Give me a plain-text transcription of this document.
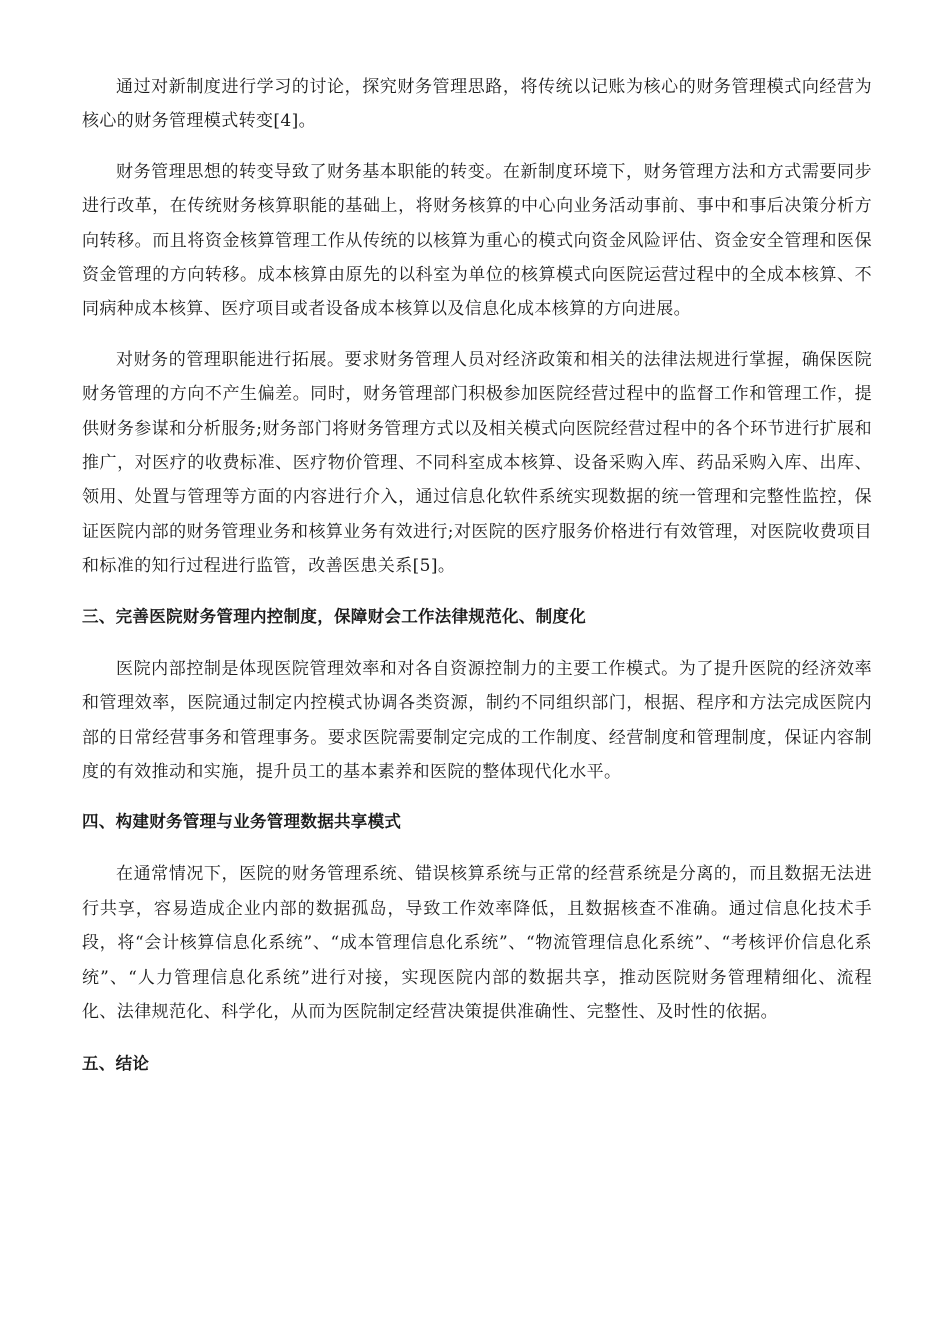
通过对新制度进行学习的讨论，探究财务管理思路，将传统以记账为核心的财务管理模式向经营为核心的财务管理模式转变[4]。

财务管理思想的转变导致了财务基本职能的转变。在新制度环境下，财务管理方法和方式需要同步进行改革，在传统财务核算职能的基础上，将财务核算的中心向业务活动事前、事中和事后决策分析方向转移。而且将资金核算管理工作从传统的以核算为重心的模式向资金风险评估、资金安全管理和医保资金管理的方向转移。成本核算由原先的以科室为单位的核算模式向医院运营过程中的全成本核算、不同病种成本核算、医疗项目或者设备成本核算以及信息化成本核算的方向进展。

对财务的管理职能进行拓展。要求财务管理人员对经济政策和相关的法律法规进行掌握，确保医院财务管理的方向不产生偏差。同时，财务管理部门积极参加医院经营过程中的监督工作和管理工作，提供财务参谋和分析服务;财务部门将财务管理方式以及相关模式向医院经营过程中的各个环节进行扩展和推广，对医疗的收费标准、医疗物价管理、不同科室成本核算、设备采购入库、药品采购入库、出库、领用、处置与管理等方面的内容进行介入，通过信息化软件系统实现数据的统一管理和完整性监控，保证医院内部的财务管理业务和核算业务有效进行;对医院的医疗服务价格进行有效管理，对医院收费项目和标准的知行过程进行监管，改善医患关系[5]。

三、完善医院财务管理内控制度，保障财会工作法律规范化、制度化

医院内部控制是体现医院管理效率和对各自资源控制力的主要工作模式。为了提升医院的经济效率和管理效率，医院通过制定内控模式协调各类资源，制约不同组织部门，根据、程序和方法完成医院内部的日常经营事务和管理事务。要求医院需要制定完成的工作制度、经营制度和管理制度，保证内容制度的有效推动和实施，提升员工的基本素养和医院的整体现代化水平。

四、构建财务管理与业务管理数据共享模式

在通常情况下，医院的财务管理系统、错误核算系统与正常的经营系统是分离的，而且数据无法进行共享，容易造成企业内部的数据孤岛，导致工作效率降低，且数据核查不准确。通过信息化技术手段，将“会计核算信息化系统”、“成本管理信息化系统”、“物流管理信息化系统”、“考核评价信息化系统”、“人力管理信息化系统”进行对接，实现医院内部的数据共享，推动医院财务管理精细化、流程化、法律规范化、科学化，从而为医院制定经营决策提供准确性、完整性、及时性的依据。

五、结论
